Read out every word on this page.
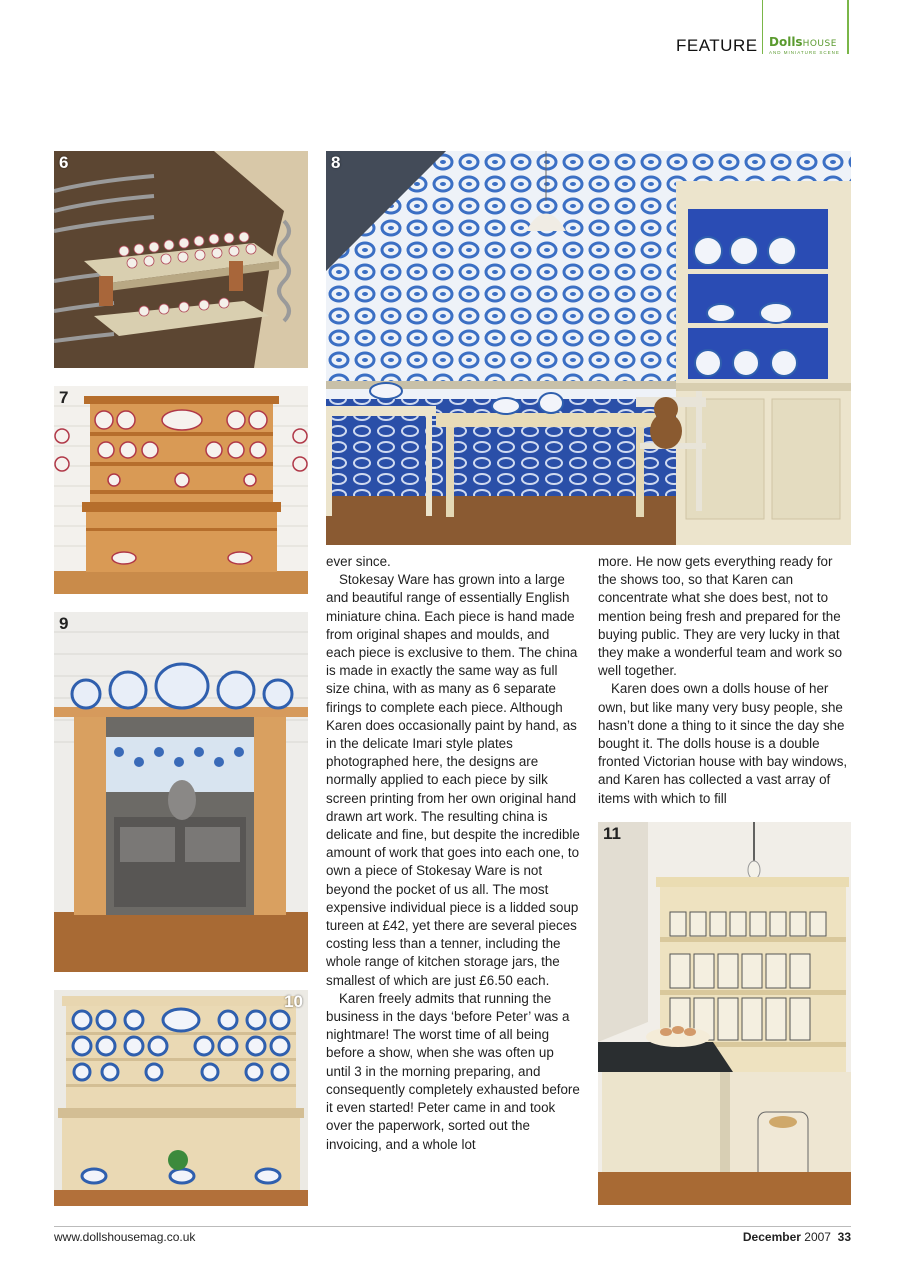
FEATURE DollsHOUSE
AND MINIATURE SCENE
6
7
9
10
8
11

ever since.

Stokesay Ware has grown into a large and beautiful range of essentially English miniature china. Each piece is hand made from original shapes and moulds, and each piece is exclusive to them. The china is made in exactly the same way as full size china, with as many as 6 separate firings to complete each piece. Although Karen does occasionally paint by hand, as in the delicate Imari style plates photographed here, the designs are normally applied to each piece by silk screen printing from her own original hand drawn art work. The resulting china is delicate and fine, but despite the incredible amount of work that goes into each one, to own a piece of Stokesay Ware is not beyond the pocket of us all. The most expensive individual piece is a lidded soup tureen at £42, yet there are several pieces costing less than a tenner, including the whole range of kitchen storage jars, the smallest of which are just £6.50 each.

Karen freely admits that running the business in the days ‘before Peter’ was a nightmare! The worst time of all being before a show, when she was often up until 3 in the morning preparing, and consequently completely exhausted before it even started! Peter came in and took over the paperwork, sorted out the invoicing, and a whole lot

more. He now gets everything ready for the shows too, so that Karen can concentrate what she does best, not to mention being fresh and prepared for the buying public. They are very lucky in that they make a wonderful team and work so well together.

Karen does own a dolls house of her own, but like many very busy people, she hasn’t done a thing to it since the day she bought it. The dolls house is a double fronted Victorian house with bay windows, and Karen has collected a vast array of items with which to fill

www.dollshousemag.co.uk	December 2007 33
